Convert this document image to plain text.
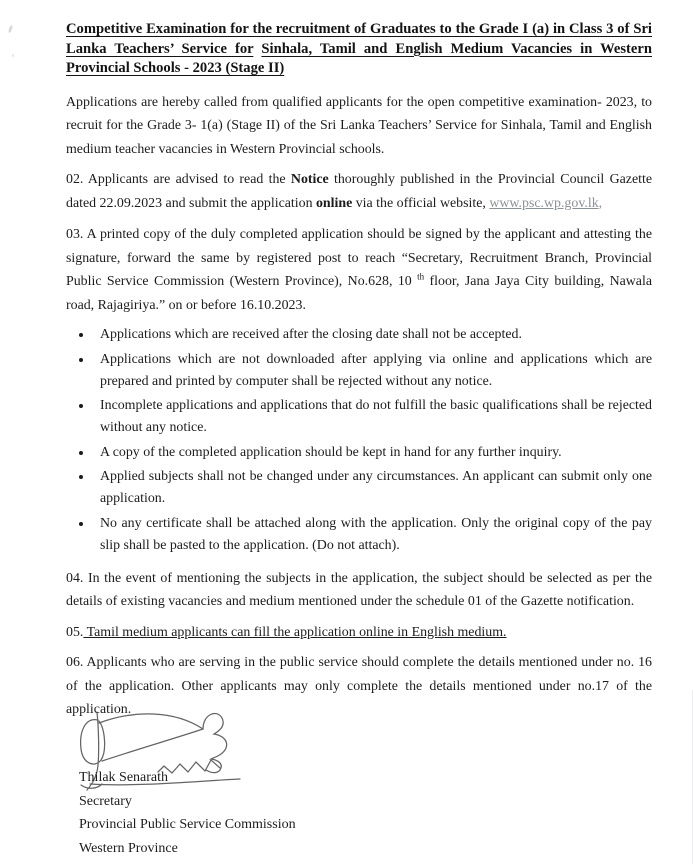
Competitive Examination for the recruitment of Graduates to the Grade I (a) in Class 3 of Sri Lanka Teachers’ Service for Sinhala, Tamil and English Medium Vacancies in Western Provincial Schools - 2023 (Stage II)

Applications are hereby called from qualified applicants for the open competitive examination- 2023, to recruit for the Grade 3- 1(a) (Stage II) of the Sri Lanka Teachers’ Service for Sinhala, Tamil and English medium teacher vacancies in Western Provincial schools.

02. Applicants are advised to read the Notice thoroughly published in the Provincial Council Gazette dated 22.09.2023 and submit the application online via the official website, www.psc.wp.gov.lk,

03. A printed copy of the duly completed application should be signed by the applicant and attesting the signature, forward the same by registered post to reach “Secretary, Recruitment Branch, Provincial Public Service Commission (Western Province), No.628, 10 $^{th}$ floor, Jana Jaya City building, Nawala road, Rajagiriya.” on or before 16.10.2023.

• Applications which are received after the closing date shall not be accepted.
• Applications which are not downloaded after applying via online and applications which are prepared and printed by computer shall be rejected without any notice.
• Incomplete applications and applications that do not fulfill the basic qualifications shall be rejected without any notice.
• A copy of the completed application should be kept in hand for any further inquiry.
• Applied subjects shall not be changed under any circumstances. An applicant can submit only one application.
• No any certificate shall be attached along with the application. Only the original copy of the pay slip shall be pasted to the application. (Do not attach).

04. In the event of mentioning the subjects in the application, the subject should be selected as per the details of existing vacancies and medium mentioned under the schedule 01 of the Gazette notification.

05. Tamil medium applicants can fill the application online in English medium.

06. Applicants who are serving in the public service should complete the details mentioned under no. 16 of the application. Other applicants may only complete the details mentioned under no.17 of the application.

Thilak Senarath
Secretary
Provincial Public Service Commission
Western Province
